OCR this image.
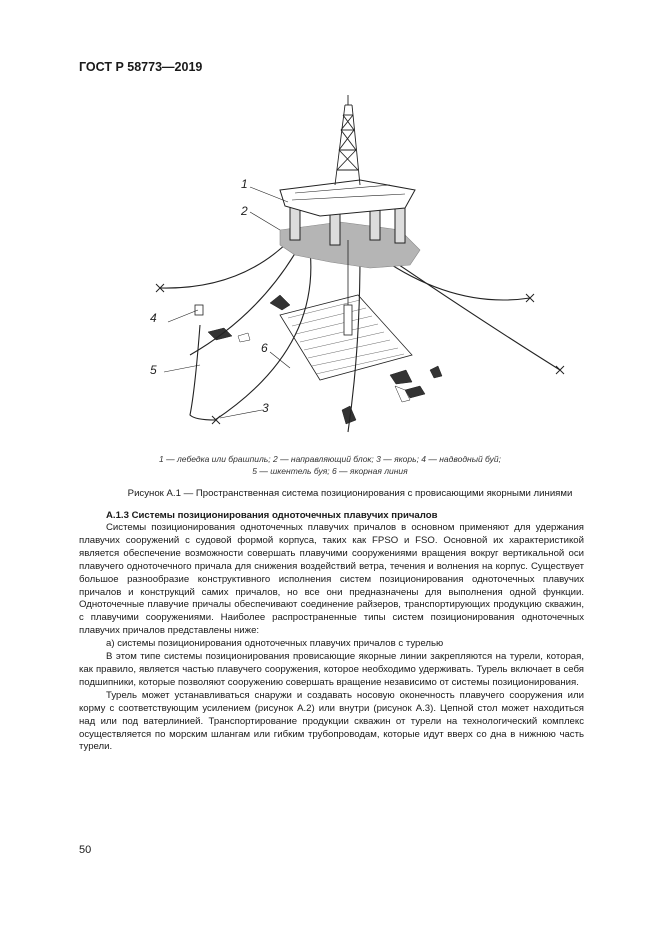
ГОСТ Р 58773—2019
1
2
3
4
5
6
1 — лебедка или брашпиль; 2 — направляющий блок; 3 — якорь; 4 — надводный буй;
5 — шкентель буя; 6 — якорная линия
Рисунок А.1 — Пространственная система позиционирования с провисающими якорными линиями
А.1.3 Системы позиционирования одноточечных плавучих причалов

Системы позиционирования одноточечных плавучих причалов в основном применяют для удержания плавучих сооружений с судовой формой корпуса, таких как FPSO и FSO. Основной их характеристикой является обеспечение возможности совершать плавучими сооружениями вращения вокруг вертикальной оси плавучего одноточечного причала для снижения воздействий ветра, течения и волнения на корпус. Существует большое разнообразие конструктивного исполнения систем позиционирования одноточечных плавучих причалов и конструкций самих причалов, но все они предназначены для выполнения одной функции. Одноточечные плавучие причалы обеспечивают соединение райзеров, транспортирующих продукцию скважин, с плавучими сооружениями. Наиболее распространенные типы систем позиционирования одноточечных плавучих причалов представлены ниже:

а) системы позиционирования одноточечных плавучих причалов с турелью

В этом типе системы позиционирования провисающие якорные линии закрепляются на турели, которая, как правило, является частью плавучего сооружения, которое необходимо удерживать. Турель включает в себя подшипники, которые позволяют сооружению совершать вращение независимо от системы позиционирования.

Турель может устанавливаться снаружи и создавать носовую оконечность плавучего сооружения или корму с соответствующим усилением (рисунок А.2) или внутри (рисунок А.3). Цепной стол может находиться над или под ватерлинией. Транспортирование продукции скважин от турели на технологический комплекс осуществляется по морским шлангам или гибким трубопроводам, которые идут вверх со дна в нижнюю часть турели.

50
